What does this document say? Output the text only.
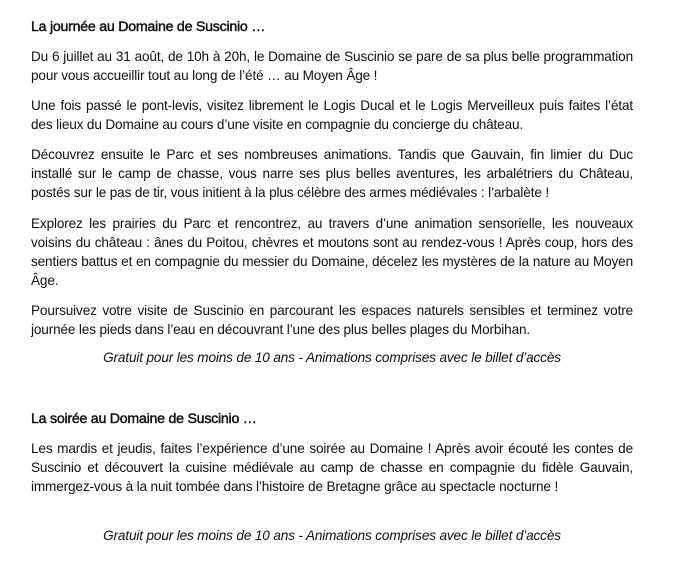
La journée au Domaine de Suscinio …

Du 6 juillet au 31 août, de 10h à 20h, le Domaine de Suscinio se pare de sa plus belle programmation pour vous accueillir tout au long de l’été … au Moyen Âge !

Une fois passé le pont-levis, visitez librement le Logis Ducal et le Logis Merveilleux puis faites l’état des lieux du Domaine au cours d’une visite en compagnie du concierge du château.

Découvrez ensuite le Parc et ses nombreuses animations. Tandis que Gauvain, fin limier du Duc installé sur le camp de chasse, vous narre ses plus belles aventures, les arbalétriers du Château, postés sur le pas de tir, vous initient à la plus célèbre des armes médiévales : l’arbalète !

Explorez les prairies du Parc et rencontrez, au travers d’une animation sensorielle, les nouveaux voisins du château : ânes du Poitou, chèvres et moutons sont au rendez-vous ! Après coup, hors des sentiers battus et en compagnie du messier du Domaine, décelez les mystères de la nature au Moyen Âge.

Poursuivez votre visite de Suscinio en parcourant les espaces naturels sensibles et terminez votre journée les pieds dans l’eau en découvrant l’une des plus belles plages du Morbihan.

Gratuit pour les moins de 10 ans - Animations comprises avec le billet d’accès

La soirée au Domaine de Suscinio …

Les mardis et jeudis, faites l’expérience d’une soirée au Domaine ! Après avoir écouté les contes de Suscinio et découvert la cuisine médiévale au camp de chasse en compagnie du fidèle Gauvain, immergez-vous à la nuit tombée dans l’histoire de Bretagne grâce au spectacle nocturne !

Gratuit pour les moins de 10 ans - Animations comprises avec le billet d’accès
